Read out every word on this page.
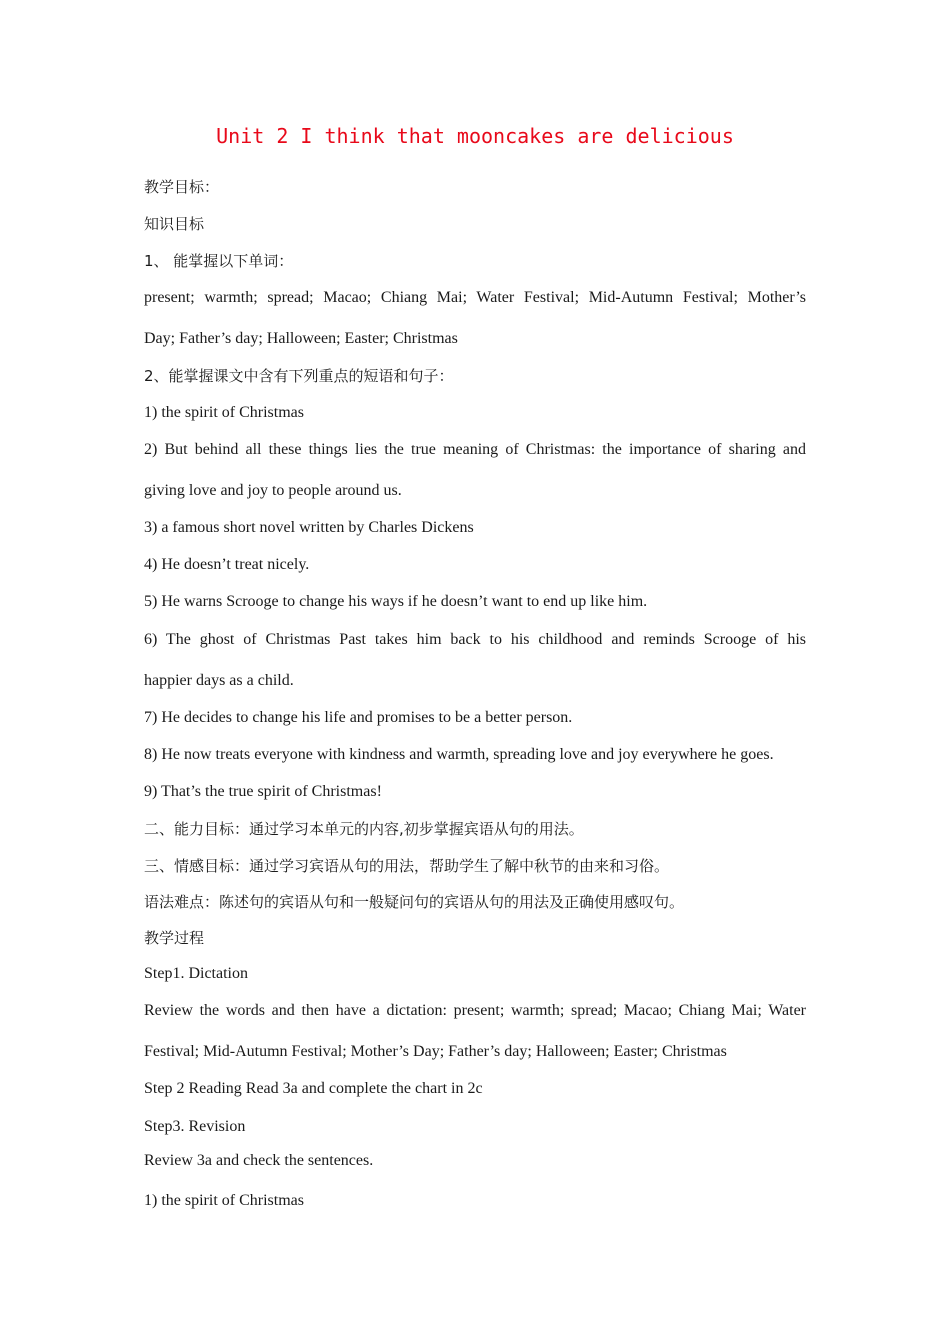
Unit 2 I think that mooncakes are delicious
教学目标：
知识目标
1、 能掌握以下单词：
present; warmth; spread; Macao; Chiang Mai; Water Festival; Mid-Autumn Festival; Mother’s
Day; Father’s day; Halloween; Easter; Christmas
2、能掌握课文中含有下列重点的短语和句子：
1) the spirit of Christmas
2) But behind all these things lies the true meaning of Christmas: the importance of sharing and
giving love and joy to people around us.
3) a famous short novel written by Charles Dickens
4) He doesn’t treat nicely.
5) He warns Scrooge to change his ways if he doesn’t want to end up like him.
6) The ghost of Christmas Past takes him back to his childhood and reminds Scrooge of his
happier days as a child.
7) He decides to change his life and promises to be a better person.
8) He now treats everyone with kindness and warmth, spreading love and joy everywhere he goes.
9) That’s the true spirit of Christmas!
二、能力目标：通过学习本单元的内容,初步掌握宾语从句的用法。
三、情感目标：通过学习宾语从句的用法，帮助学生了解中秋节的由来和习俗。
语法难点：陈述句的宾语从句和一般疑问句的宾语从句的用法及正确使用感叹句。
教学过程
Step1. Dictation
Review the words and then have a dictation: present; warmth; spread; Macao; Chiang Mai; Water
Festival; Mid-Autumn Festival; Mother’s Day; Father’s day; Halloween; Easter; Christmas
Step 2 Reading Read 3a and complete the chart in 2c
Step3. Revision
Review 3a and check the sentences.
1) the spirit of Christmas
